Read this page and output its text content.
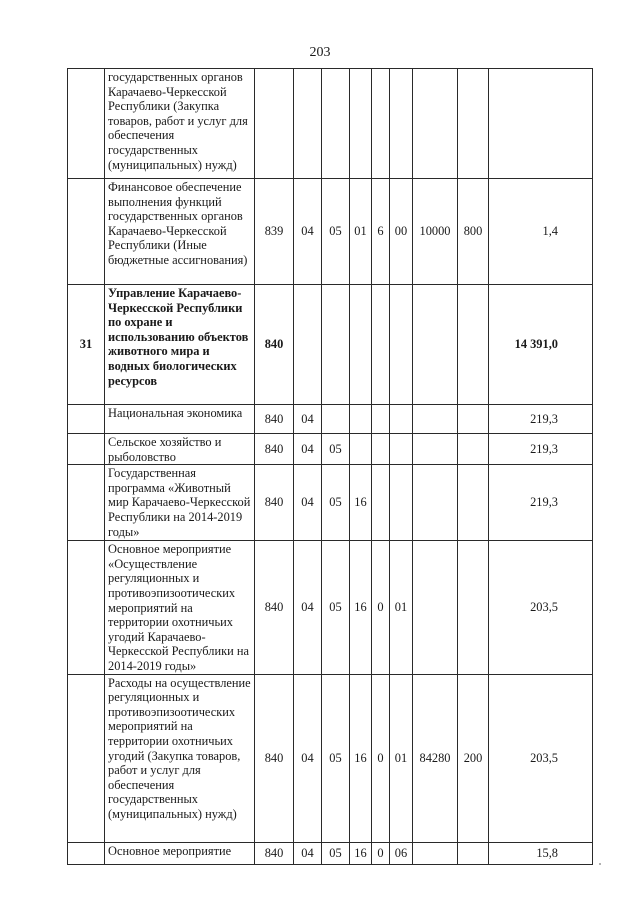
203
	государственных органов Карачаево-Черкесской Республики (Закупка товаров, работ и услуг для обеспечения государственных (муниципальных) нужд)									
	Финансовое обеспечение выполнения функций государственных органов Карачаево-Черкесской Республики (Иные бюджетные ассигнования)	839	04	05	01	6	00	10000	800	1,4
31	Управление Карачаево-Черкесской Республики по охране и использованию объектов животного мира и водных биологических ресурсов	840								14 391,0
	Национальная экономика	840	04							219,3
	Сельское хозяйство и рыболовство	840	04	05						219,3
	Государственная программа «Животный мир Карачаево-Черкесской Республики на 2014-2019 годы»	840	04	05	16					219,3
	Основное мероприятие «Осуществление регуляционных и противоэпизоотических мероприятий на территории охотничьих угодий Карачаево-Черкесской Республики на 2014-2019 годы»	840	04	05	16	0	01			203,5
	Расходы на осуществление регуляционных и противоэпизоотических мероприятий на территории охотничьих угодий (Закупка товаров, работ и услуг для обеспечения государственных (муниципальных) нужд)	840	04	05	16	0	01	84280	200	203,5
	Основное мероприятие	840	04	05	16	0	06			15,8
